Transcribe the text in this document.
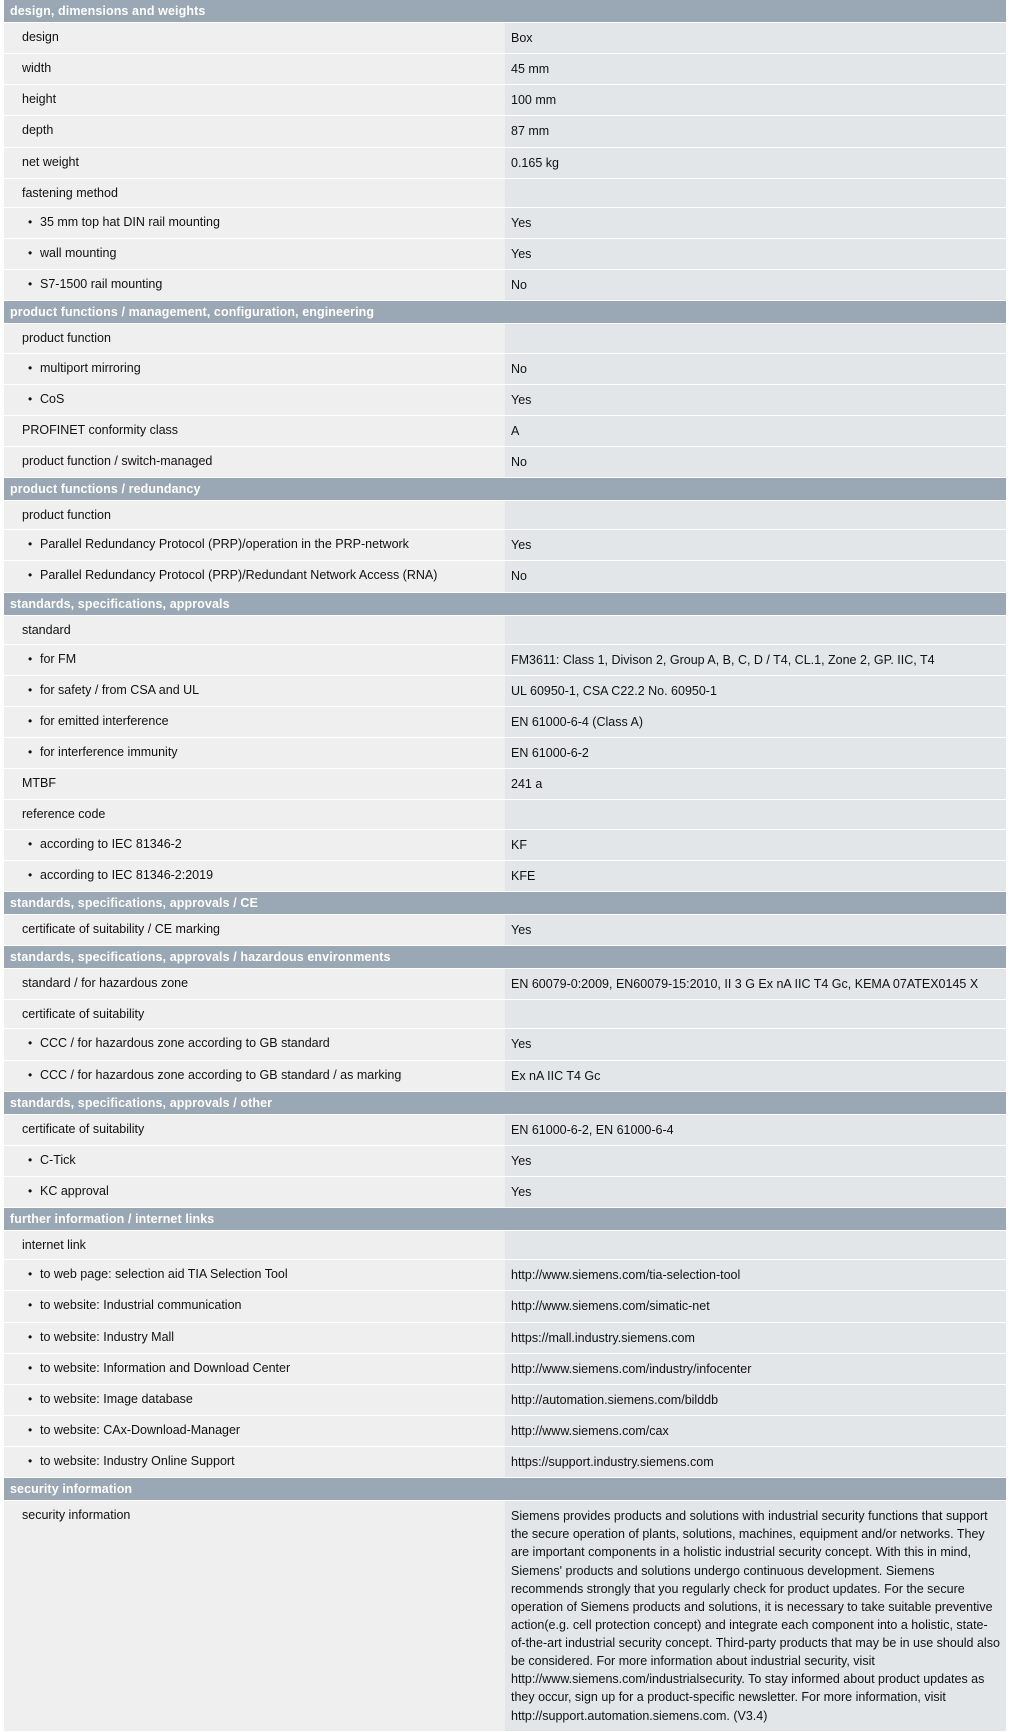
design, dimensions and weights	
design	Box

width	45 mm

height	100 mm

depth	87 mm

net weight	0.165 kg

fastening method	

• 35 mm top hat DIN rail mounting	Yes

• wall mounting	Yes

• S7-1500 rail mounting	No

product functions / management, configuration, engineering	
product function	

• multiport mirroring	No

• CoS	Yes

PROFINET conformity class	A

product function / switch-managed	No

product functions / redundancy	
product function	

• Parallel Redundancy Protocol (PRP)/operation in the PRP-network	Yes

• Parallel Redundancy Protocol (PRP)/Redundant Network Access (RNA)	No

standards, specifications, approvals	
standard	

• for FM	FM3611: Class 1, Divison 2, Group A, B, C, D / T4, CL.1, Zone 2, GP. IIC, T4

• for safety / from CSA and UL	UL 60950-1, CSA C22.2 No. 60950-1

• for emitted interference	EN 61000-6-4 (Class A)

• for interference immunity	EN 61000-6-2

MTBF	241 a

reference code	

• according to IEC 81346-2	KF

• according to IEC 81346-2:2019	KFE

standards, specifications, approvals / CE	
certificate of suitability / CE marking	Yes

standards, specifications, approvals / hazardous environments	
standard / for hazardous zone	EN 60079-0:2009, EN60079-15:2010, II 3 G Ex nA IIC T4 Gc, KEMA 07ATEX0145 X

certificate of suitability	

• CCC / for hazardous zone according to GB standard	Yes

• CCC / for hazardous zone according to GB standard / as marking	Ex nA IIC T4 Gc

standards, specifications, approvals / other	
certificate of suitability	EN 61000-6-2, EN 61000-6-4

• C-Tick	Yes

• KC approval	Yes

further information / internet links	
internet link	

• to web page: selection aid TIA Selection Tool	http://www.siemens.com/tia-selection-tool

• to website: Industrial communication	http://www.siemens.com/simatic-net

• to website: Industry Mall	https://mall.industry.siemens.com

• to website: Information and Download Center	http://www.siemens.com/industry/infocenter

• to website: Image database	http://automation.siemens.com/bilddb

• to website: CAx-Download-Manager	http://www.siemens.com/cax

• to website: Industry Online Support	https://support.industry.siemens.com

security information	
security information	Siemens provides products and solutions with industrial security functions that support the secure operation of plants, solutions, machines, equipment and/or networks. They are important components in a holistic industrial security concept. With this in mind, Siemens' products and solutions undergo continuous development. Siemens recommends strongly that you regularly check for product updates. For the secure operation of Siemens products and solutions, it is necessary to take suitable preventive action(e.g. cell protection concept) and integrate each component into a holistic, state-of-the-art industrial security concept. Third-party products that may be in use should also be considered. For more information about industrial security, visit http://www.siemens.com/industrialsecurity. To stay informed about product updates as they occur, sign up for a product-specific newsletter. For more information, visit http://support.automation.siemens.com. (V3.4)
